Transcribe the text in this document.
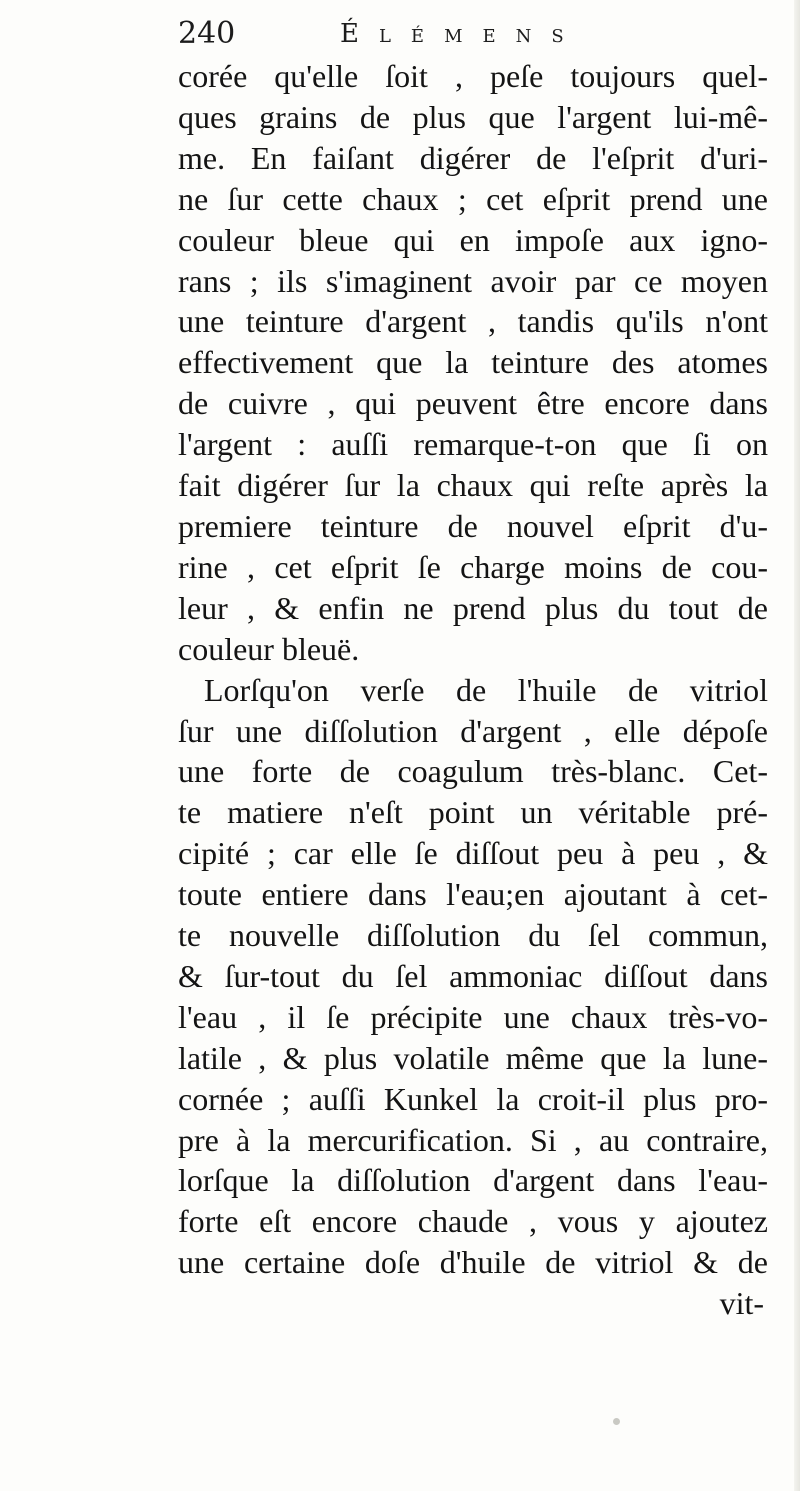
240	Élémens
corée qu'elle ſoit , peſe toujours quel-
ques grains de plus que l'argent lui-mê-
me. En faiſant digérer de l'eſprit d'uri-
ne ſur cette chaux ; cet eſprit prend une
couleur bleue qui en impoſe aux igno-
rans ; ils s'imaginent avoir par ce moyen
une teinture d'argent , tandis qu'ils n'ont
effectivement que la teinture des atomes
de cuivre , qui peuvent être encore dans
l'argent : auſſi remarque-t-on que ſi on
fait digérer ſur la chaux qui reſte après la
premiere teinture de nouvel eſprit d'u-
rine , cet eſprit ſe charge moins de cou-
leur , & enfin ne prend plus du tout de
couleur bleuë.
Lorſqu'on verſe de l'huile de vitriol
ſur une diſſolution d'argent , elle dépoſe
une forte de coagulum très-blanc. Cet-
te matiere n'eſt point un véritable pré-
cipité ; car elle ſe diſſout peu à peu , &
toute entiere dans l'eau;en ajoutant à cet-
te nouvelle diſſolution du ſel commun,
& ſur-tout du ſel ammoniac diſſout dans
l'eau , il ſe précipite une chaux très-vo-
latile , & plus volatile même que la lune-
cornée ; auſſi Kunkel la croit-il plus pro-
pre à la mercurification. Si , au contraire,
lorſque la diſſolution d'argent dans l'eau-
forte eſt encore chaude , vous y ajoutez
une certaine doſe d'huile de vitriol & de
vit-
